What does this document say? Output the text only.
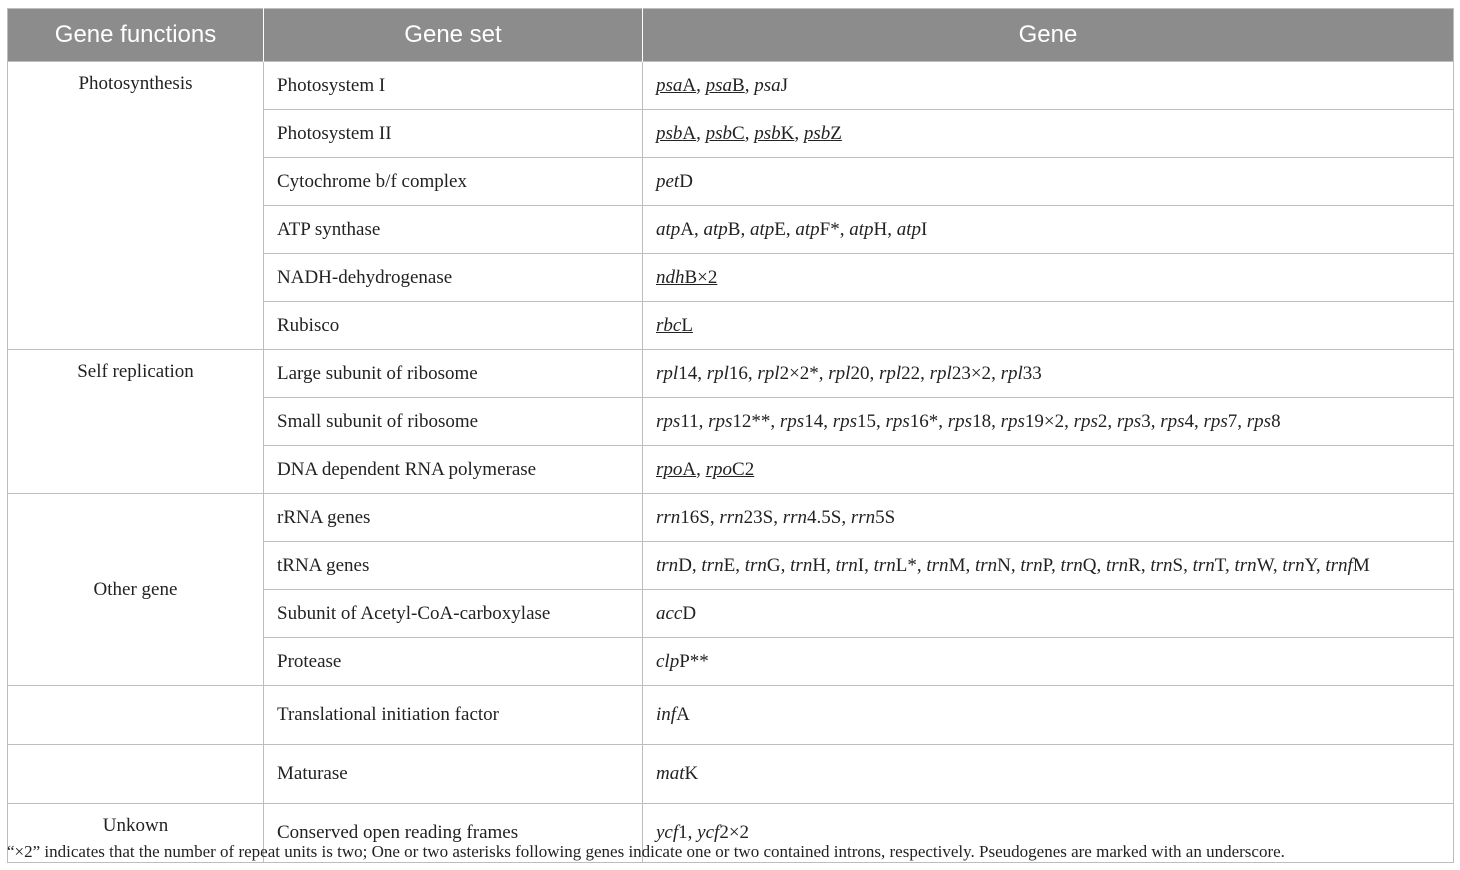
Gene functions	Gene set	Gene
Photosynthesis	Photosystem I	psaA, psaB, psaJ
	Photosystem II	psbA, psbC, psbK, psbZ
	Cytochrome b/f complex	petD
	ATP synthase	atpA, atpB, atpE, atpF*, atpH, atpI
	NADH-dehydrogenase	ndhB×2
	Rubisco	rbcL
Self replication	Large subunit of ribosome	rpl14, rpl16, rpl2×2*, rpl20, rpl22, rpl23×2, rpl33
	Small subunit of ribosome	rps11, rps12**, rps14, rps15, rps16*, rps18, rps19×2, rps2, rps3, rps4, rps7, rps8
	DNA dependent RNA polymerase	rpoA, rpoC2
Other gene	rRNA genes	rrn16S, rrn23S, rrn4.5S, rrn5S
	tRNA genes	trnD, trnE, trnG, trnH, trnI, trnL*, trnM, trnN, trnP, trnQ, trnR, trnS, trnT, trnW, trnY, trnfM
	Subunit of Acetyl-CoA-carboxylase	accD
	Protease	clpP**
	Translational initiation factor	infA
	Maturase	matK
Unkown	Conserved open reading frames	ycf1, ycf2×2
“×2” indicates that the number of repeat units is two; One or two asterisks following genes indicate one or two contained introns, respectively. Pseudogenes are marked with an underscore.
